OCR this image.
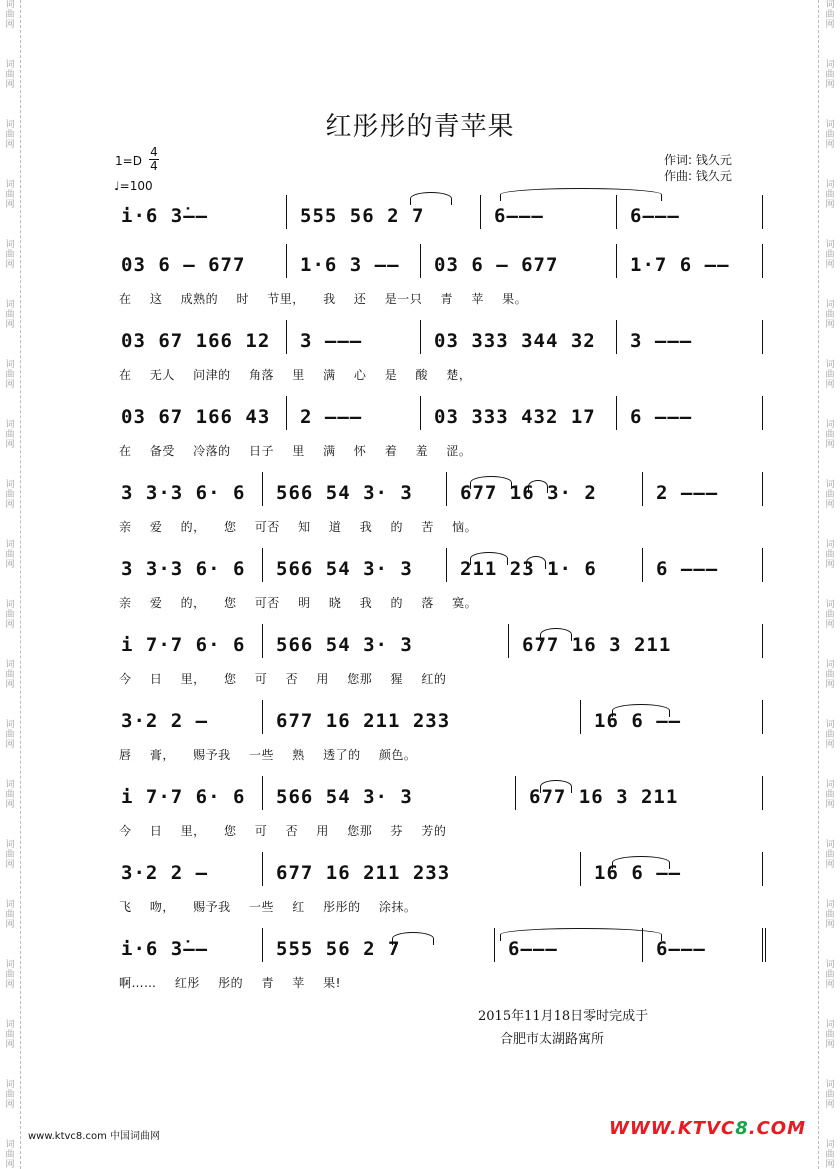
词
曲
网
词
曲
网
词
曲
网
词
曲
网
词
曲
网
词
曲
网
词
曲
网
词
曲
网
词
曲
网
词
曲
网
词
曲
网
词
曲
网
词
曲
网
词
曲
网
词
曲
网
词
曲
网
词
曲
网
词
曲
网
词
曲
网
词
曲
网
词
曲
网
词
曲
网
词
曲
网
词
曲
网
词
曲
网
词
曲
网
词
曲
网
词
曲
网
词
曲
网
词
曲
网
词
曲
网
词
曲
网
词
曲
网
词
曲
网
词
曲
网
词
曲
网
词
曲
网
词
曲
网
词
曲
网
词
曲
网
红彤彤的青苹果
1=D
4
4
♩=100
作词: 钱久元
作曲: 钱久元
i·6 3̇––	555 56 2 7	6–––	6–––
03 6 – 677	1·6 3 –– 03 6 – 677	1·7 6 ––
在 这 成熟的 时 节里， 我 还 是一只 青 苹 果。
03 67 166 12 3 –––	03 333 344 32 3 –––
在 无人 问津的 角落 里 满 心 是 酸 楚，
03 67 166 43 2 –––	03 333 432 17 6 –––
在 备受 冷落的 日子 里 满 怀 着 羞 涩。
3 3·3 6· 6 566 54 3· 3 677 16 3· 2	2 –––
亲 爱 的， 您 可否 知 道 我 的 苦 恼。
3 3·3 6· 6 566 54 3· 3 211 23 1· 6	6 –––
亲 爱 的， 您 可否 明 晓 我 的 落 寞。
i 7·7 6· 6 566 54 3· 3	677 16 3 211
今 日 里， 您 可 否 用 您那 猩 红的
3·2 2 –	677 16 211 233	16 6 ––
唇 膏， 赐予我 一些 熟 透了的 颜色。
i 7·7 6· 6 566 54 3· 3	677 16 3 211
今 日 里， 您 可 否 用 您那 芬 芳的
3·2 2 –	677 16 211 233	16 6 ––
飞 吻， 赐予我 一些 红 彤彤的 涂抹。
i·6 3̇––	555 56 2 7	6–––	6–––
啊…… 红彤 彤的 青 苹 果!
2015年11月18日零时完成于
合肥市太湖路寓所
www.ktvc8.com 中国词曲网	WWW.KTVC8.COM
